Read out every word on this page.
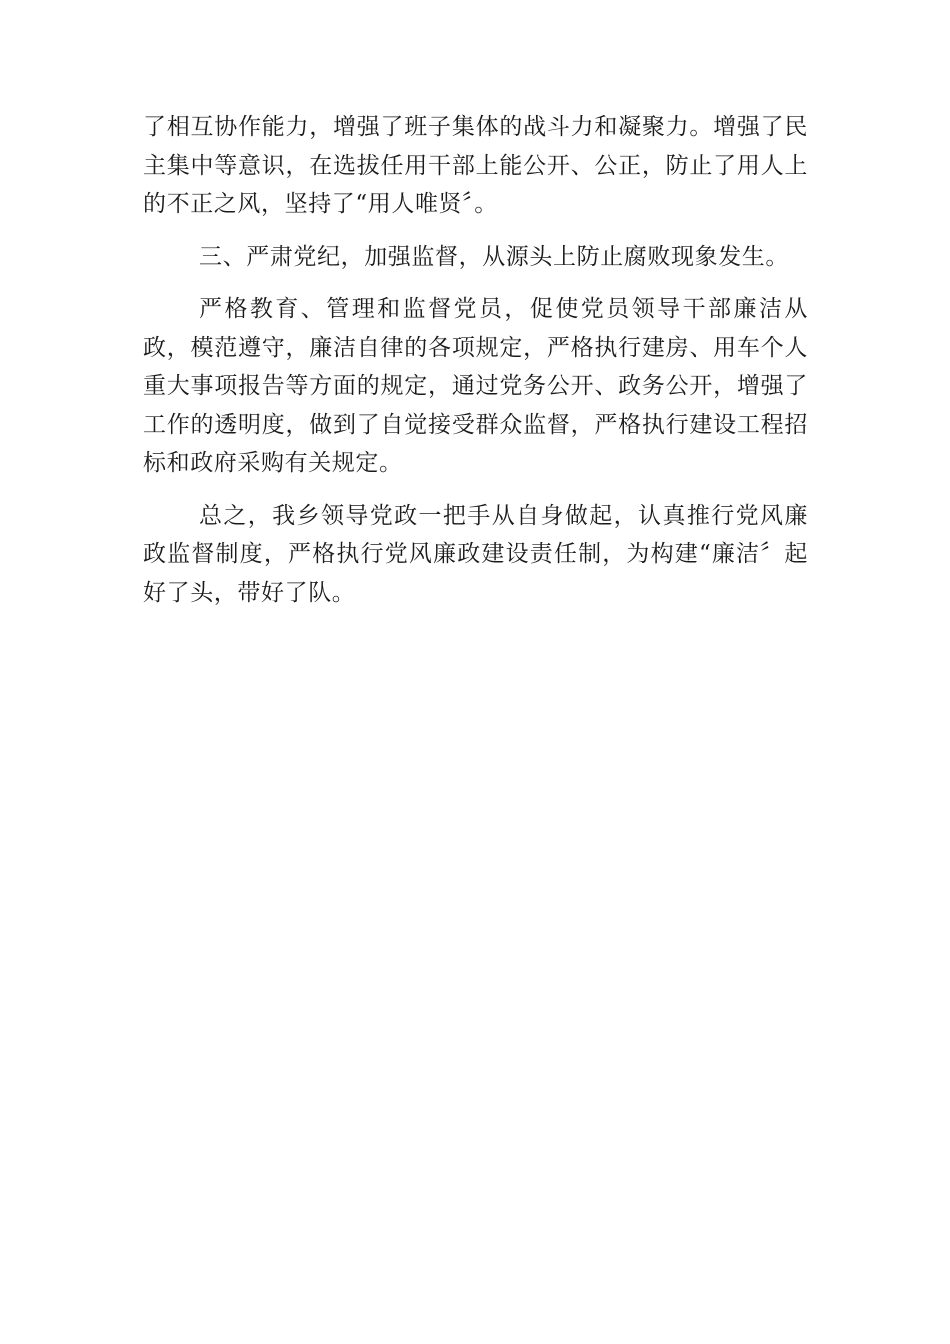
了相互协作能力，增强了班子集体的战斗力和凝聚力。增强了民主集中等意识，在选拔任用干部上能公开、公正，防止了用人上的不正之风，坚持了“用人唯贤〞。

三、严肃党纪，加强监督，从源头上防止腐败现象发生。

严格教育、管理和监督党员，促使党员领导干部廉洁从政，模范遵守，廉洁自律的各项规定，严格执行建房、用车个人重大事项报告等方面的规定，通过党务公开、政务公开，增强了工作的透明度，做到了自觉接受群众监督，严格执行建设工程招标和政府采购有关规定。

总之，我乡领导党政一把手从自身做起，认真推行党风廉政监督制度，严格执行党风廉政建设责任制，为构建“廉洁〞起好了头，带好了队。
